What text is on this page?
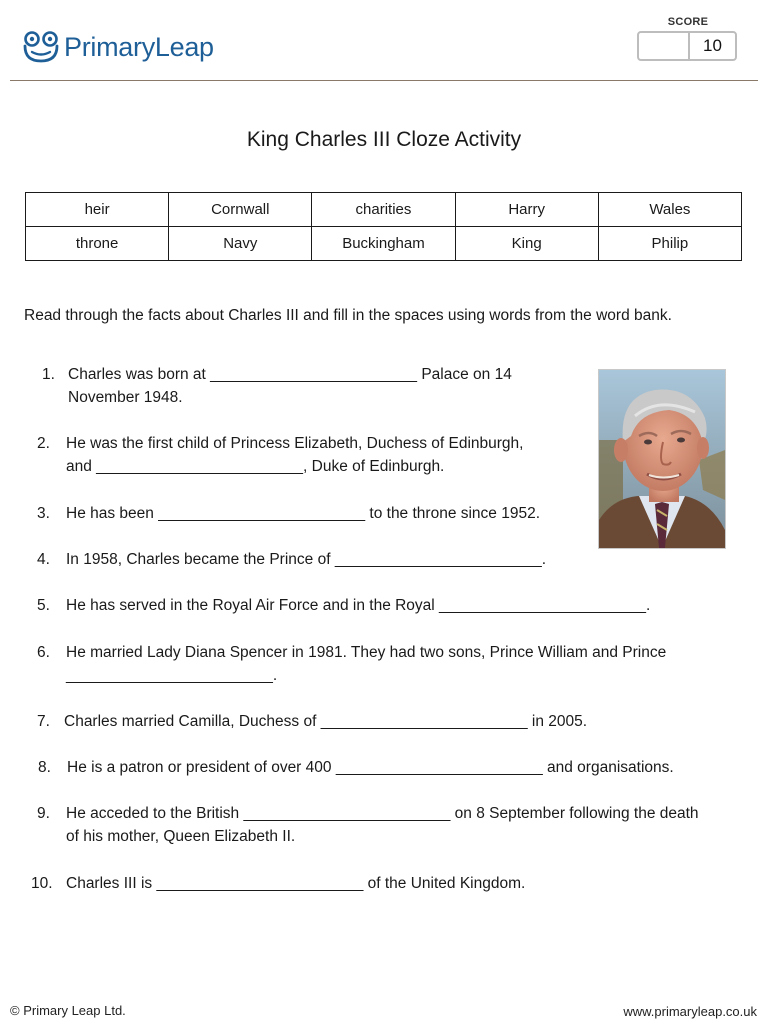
PrimaryLeap
SCORE
10
King Charles III Cloze Activity
heir	Cornwall	charities	Harry	Wales
throne	Navy	Buckingham	King	Philip
Read through the facts about Charles III and fill in the spaces using words from the word bank.
1. Charles was born at ________________________ Palace on 14
November 1948.
2. He was the first child of Princess Elizabeth, Duchess of Edinburgh,
and ________________________, Duke of Edinburgh.
3. He has been ________________________ to the throne since 1952.
4. In 1958, Charles became the Prince of ________________________.
5. He has served in the Royal Air Force and in the Royal ________________________.
6. He married Lady Diana Spencer in 1981. They had two sons, Prince William and Prince
________________________.
7. Charles married Camilla, Duchess of ________________________ in 2005.
8. He is a patron or president of over 400 ________________________ and organisations.
9. He acceded to the British ________________________ on 8 September following the death
of his mother, Queen Elizabeth II.
10. Charles III is ________________________ of the United Kingdom.
© Primary Leap Ltd.	www.primaryleap.co.uk
